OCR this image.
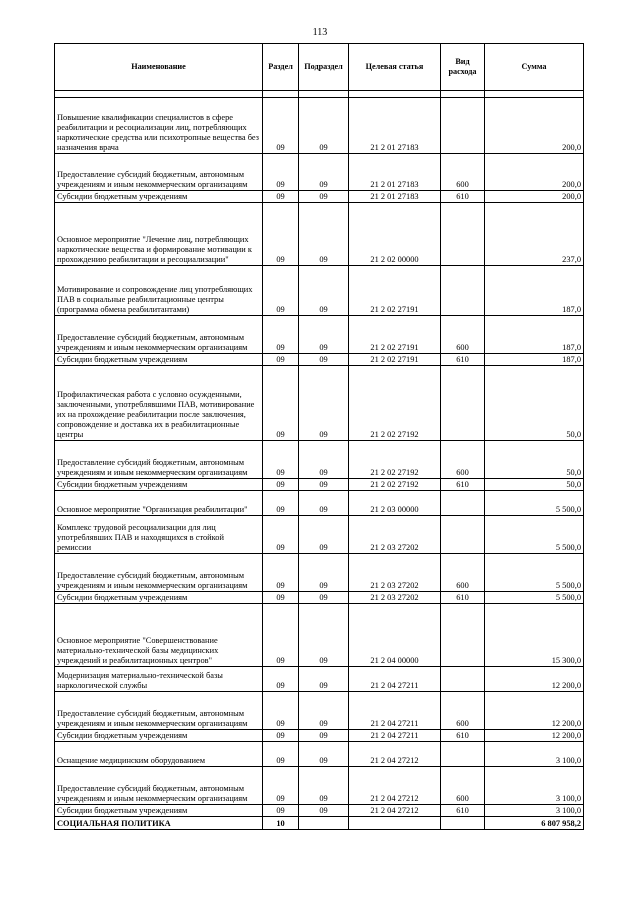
113
Наименование	Раздел	Подраздел	Целевая статья	Вид расхода	Сумма

Повышение квалификации специалистов в сфере реабилитации и ресоциализации лиц, потребляющих наркотические средства или психотропные вещества без назначения врача	09	09	21 2 01 27183		200,0
Предоставление субсидий бюджетным, автономным учреждениям и иным некоммерческим организациям	09	09	21 2 01 27183	600	200,0
Субсидии бюджетным учреждениям	09	09	21 2 01 27183	610	200,0
Основное мероприятие "Лечение лиц, потребляющих наркотические вещества и формирование мотивации к прохождению реабилитации и ресоциализации"	09	09	21 2 02 00000		237,0
Мотивирование и сопровождение лиц употребляющих ПАВ в социальные реабилитационные центры (программа обмена реабилитантами)	09	09	21 2 02 27191		187,0
Предоставление субсидий бюджетным, автономным учреждениям и иным некоммерческим организациям	09	09	21 2 02 27191	600	187,0
Субсидии бюджетным учреждениям	09	09	21 2 02 27191	610	187,0
Профилактическая работа с условно осужденными, заключенными, употреблявшими ПАВ, мотивирование их на прохождение реабилитации после заключения, сопровождение и доставка их в реабилитационные центры	09	09	21 2 02 27192		50,0
Предоставление субсидий бюджетным, автономным учреждениям и иным некоммерческим организациям	09	09	21 2 02 27192	600	50,0
Субсидии бюджетным учреждениям	09	09	21 2 02 27192	610	50,0
Основное мероприятие "Организация реабилитации"	09	09	21 2 03 00000		5 500,0
Комплекс трудовой ресоциализации для лиц употреблявших ПАВ и находящихся в стойкой ремиссии	09	09	21 2 03 27202		5 500,0
Предоставление субсидий бюджетным, автономным учреждениям и иным некоммерческим организациям	09	09	21 2 03 27202	600	5 500,0
Субсидии бюджетным учреждениям	09	09	21 2 03 27202	610	5 500,0
Основное мероприятие "Совершенствование материально-технической базы медицинских учреждений и реабилитационных центров"	09	09	21 2 04 00000		15 300,0
Модернизация материально-технической базы наркологической службы	09	09	21 2 04 27211		12 200,0
Предоставление субсидий бюджетным, автономным учреждениям и иным некоммерческим организациям	09	09	21 2 04 27211	600	12 200,0
Субсидии бюджетным учреждениям	09	09	21 2 04 27211	610	12 200,0
Оснащение медицинским оборудованием	09	09	21 2 04 27212		3 100,0
Предоставление субсидий бюджетным, автономным учреждениям и иным некоммерческим организациям	09	09	21 2 04 27212	600	3 100,0
Субсидии бюджетным учреждениям	09	09	21 2 04 27212	610	3 100,0
СОЦИАЛЬНАЯ ПОЛИТИКА	10				6 807 958,2
